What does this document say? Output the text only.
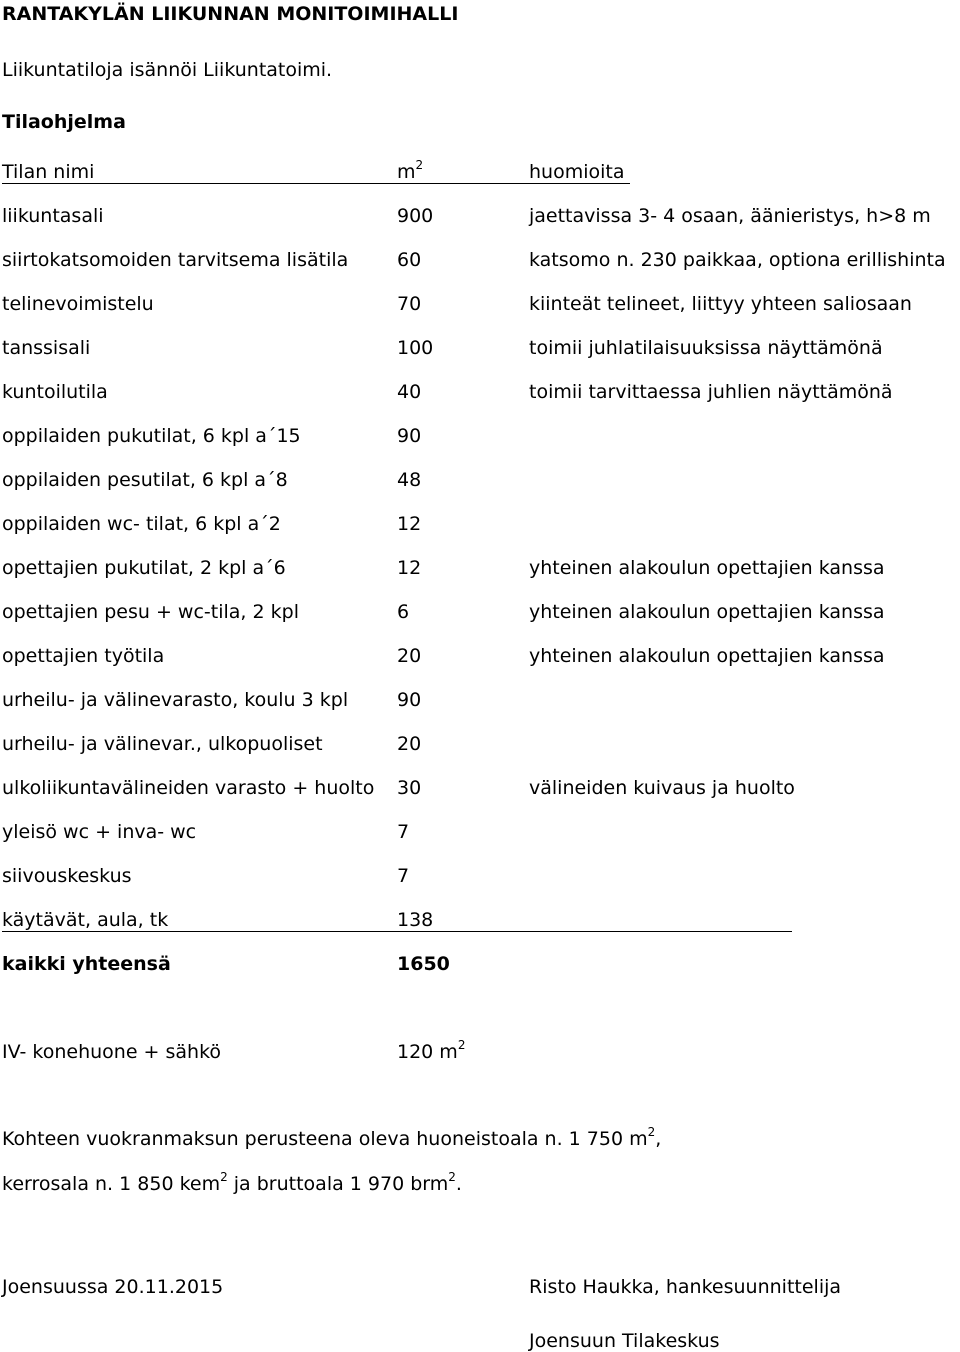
RANTAKYLÄN LIIKUNNAN MONITOIMIHALLI
Liikuntatiloja isännöi Liikuntatoimi.
Tilaohjelma
Tilan nimi	$m^2$	huomioita
liikuntasali	900	jaettavissa 3- 4 osaan, äänieristys, h>8 m
siirtokatsomoiden tarvitsema lisätila	60	katsomo n. 230 paikkaa, optiona erillishinta
telinevoimistelu	70	kiinteät telineet, liittyy yhteen saliosaan
tanssisali	100	toimii juhlatilaisuuksissa näyttämönä
kuntoilutila	40	toimii tarvittaessa juhlien näyttämönä
oppilaiden pukutilat, 6 kpl a´15	90
oppilaiden pesutilat, 6 kpl a´8	48
oppilaiden wc- tilat, 6 kpl a´2	12
opettajien pukutilat, 2 kpl a´6	12	yhteinen alakoulun opettajien kanssa
opettajien pesu + wc-tila, 2 kpl	6	yhteinen alakoulun opettajien kanssa
opettajien työtila	20	yhteinen alakoulun opettajien kanssa
urheilu- ja välinevarasto, koulu 3 kpl	90
urheilu- ja välinevar., ulkopuoliset	20
ulkoliikuntavälineiden varasto + huolto 30	välineiden kuivaus ja huolto
yleisö wc + inva- wc	7
siivouskeskus	7
käytävät, aula, tk	138
kaikki yhteensä	1650
IV- konehuone + sähkö	120 $m^2$
Kohteen vuokranmaksun perusteena oleva huoneistoala n. 1 750 $m^2$,
kerrosala n. 1 850 kem$^2$ ja bruttoala 1 970 brm$^2$.
Joensuussa 20.11.2015	Risto Haukka, hankesuunnittelija
Joensuun Tilakeskus
